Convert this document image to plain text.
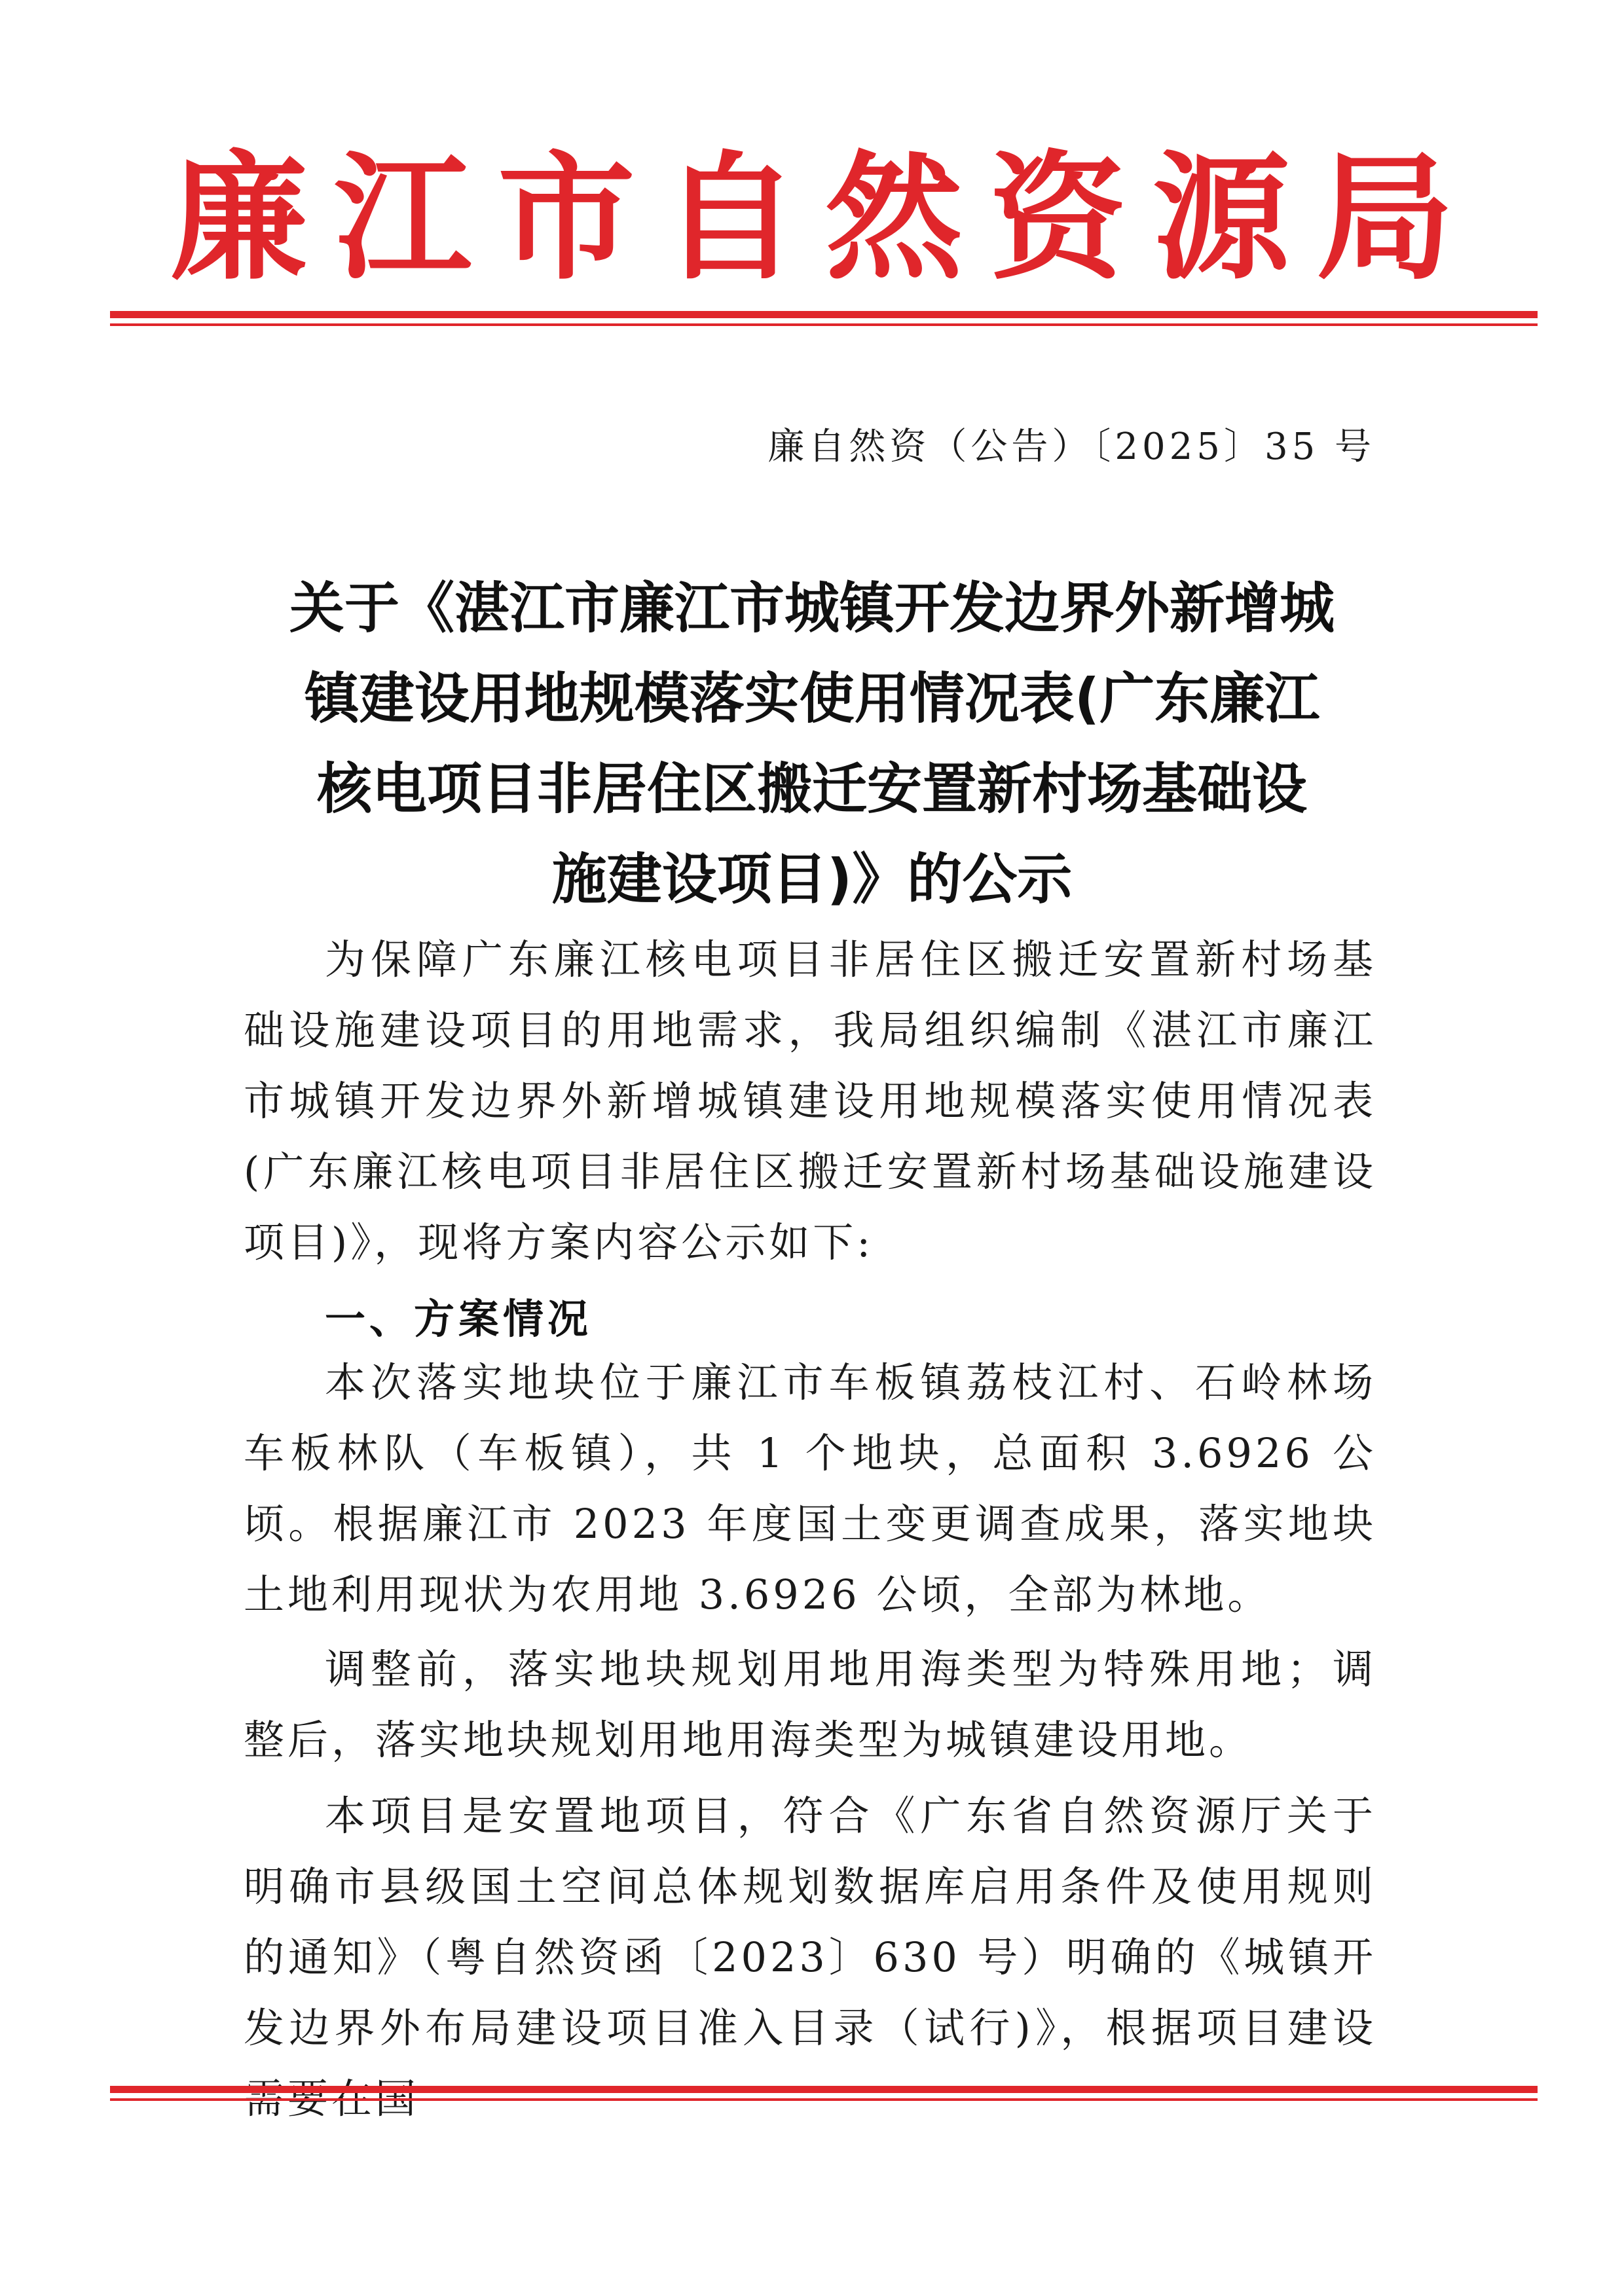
廉 江 市 自 然 资 源 局
廉自然资（公告）〔2025〕35 号
关于《湛江市廉江市城镇开发边界外新增城
镇建设用地规模落实使用情况表(广东廉江
核电项目非居住区搬迁安置新村场基础设
施建设项目)》的公示

为保障广东廉江核电项目非居住区搬迁安置新村场基础设施建设项目的用地需求，我局组织编制《湛江市廉江市城镇开发边界外新增城镇建设用地规模落实使用情况表(广东廉江核电项目非居住区搬迁安置新村场基础设施建设项目)》，现将方案内容公示如下:

一、方案情况

本次落实地块位于廉江市车板镇荔枝江村、石岭林场车板林队（车板镇），共 1 个地块，总面积 3.6926 公顷。根据廉江市 2023 年度国土变更调查成果，落实地块土地利用现状为农用地 3.6926 公顷，全部为林地。

调整前，落实地块规划用地用海类型为特殊用地；调整后，落实地块规划用地用海类型为城镇建设用地。

本项目是安置地项目，符合《广东省自然资源厅关于明确市县级国土空间总体规划数据库启用条件及使用规则的通知》（粤自然资函〔2023〕630 号）明确的《城镇开发边界外布局建设项目准入目录（试行)》，根据项目建设
